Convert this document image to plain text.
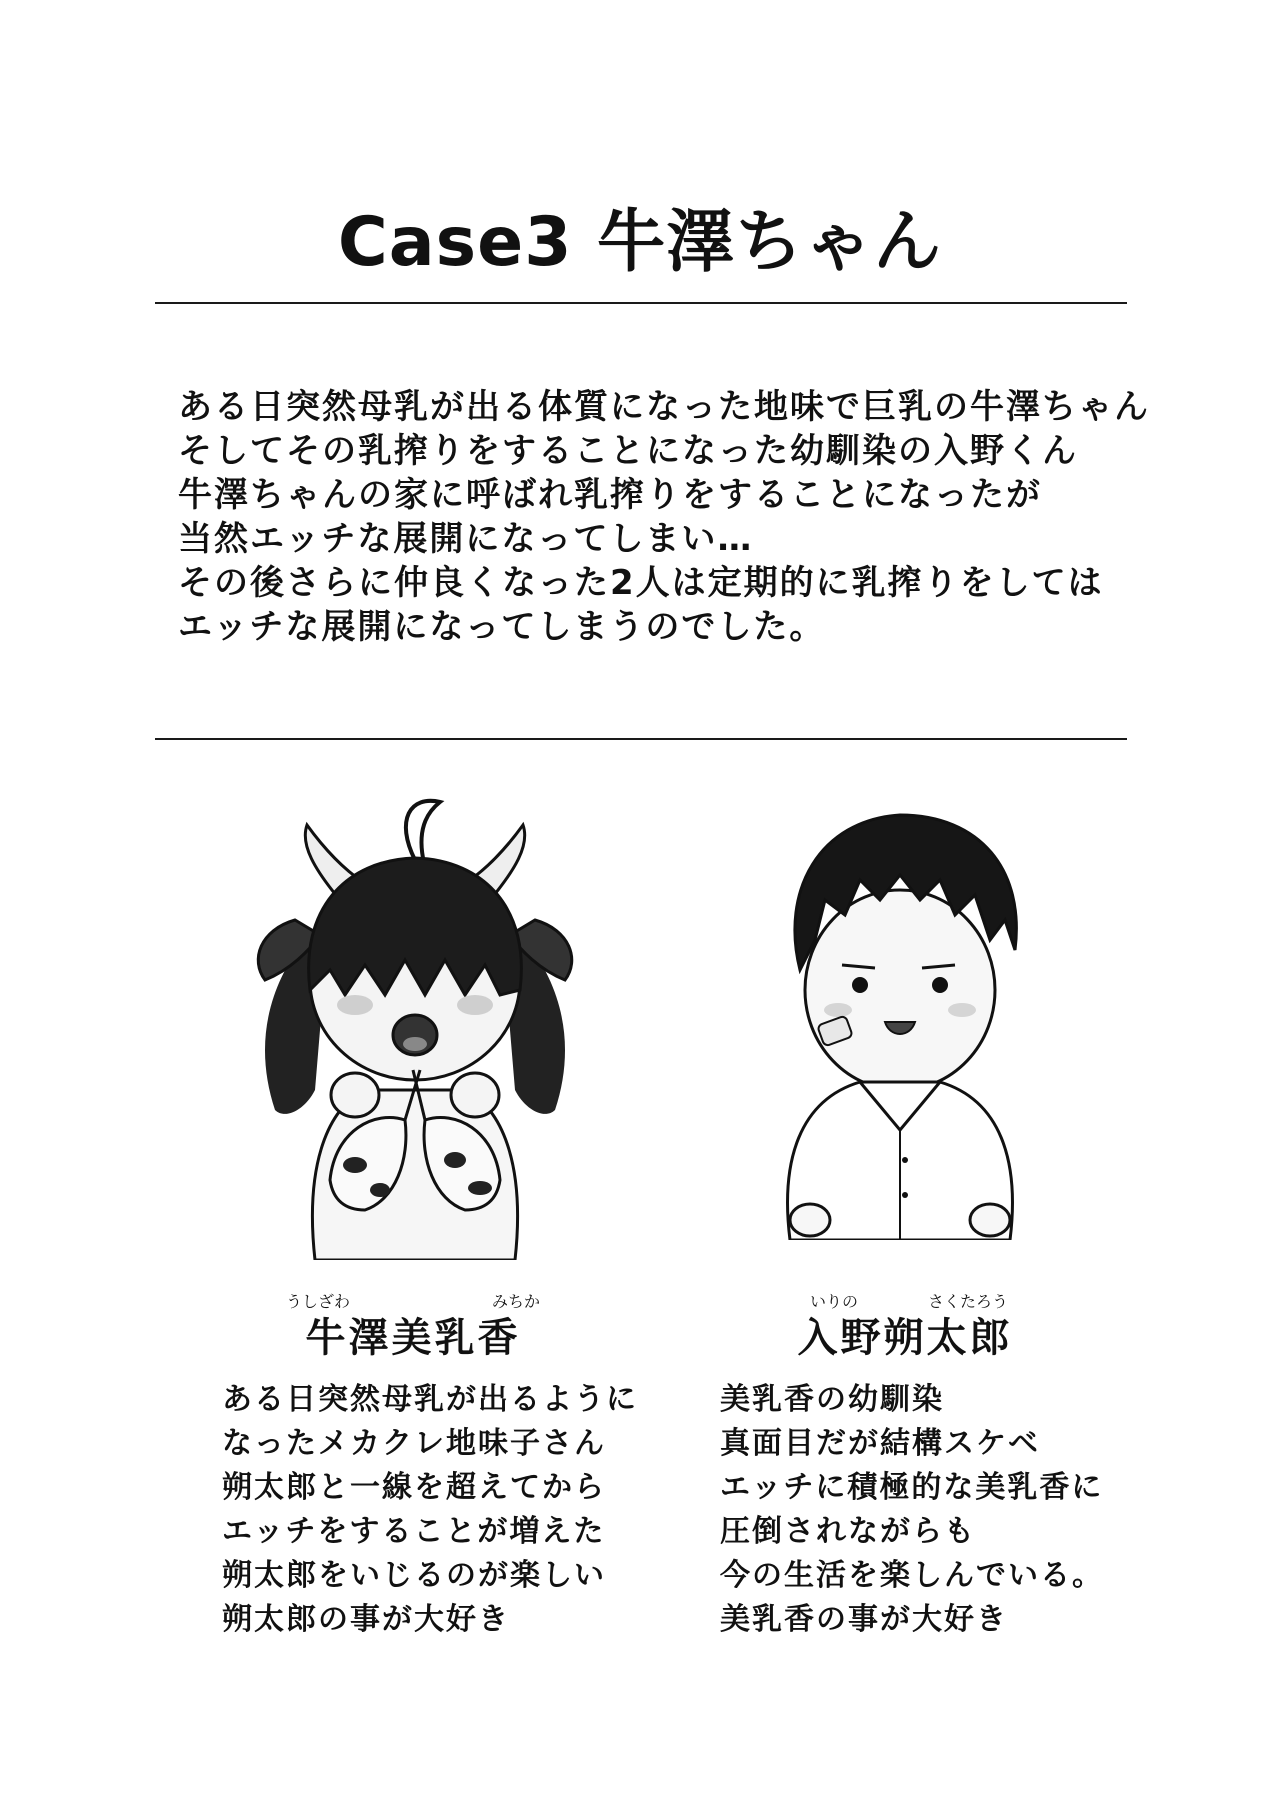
Case3 牛澤ちゃん
ある日突然母乳が出る体質になった地味で巨乳の牛澤ちゃん
そしてその乳搾りをすることになった幼馴染の入野くん
牛澤ちゃんの家に呼ばれ乳搾りをすることになったが
当然エッチな展開になってしまい…
その後さらに仲良くなった2人は定期的に乳搾りをしては
エッチな展開になってしまうのでした。
うしざわ	みちか
牛澤美乳香
いりの	さくたろう
入野朔太郎
ある日突然母乳が出るように
なったメカクレ地味子さん
朔太郎と一線を超えてから
エッチをすることが増えた
朔太郎をいじるのが楽しい
朔太郎の事が大好き
美乳香の幼馴染
真面目だが結構スケベ
エッチに積極的な美乳香に
圧倒されながらも
今の生活を楽しんでいる。
美乳香の事が大好き
